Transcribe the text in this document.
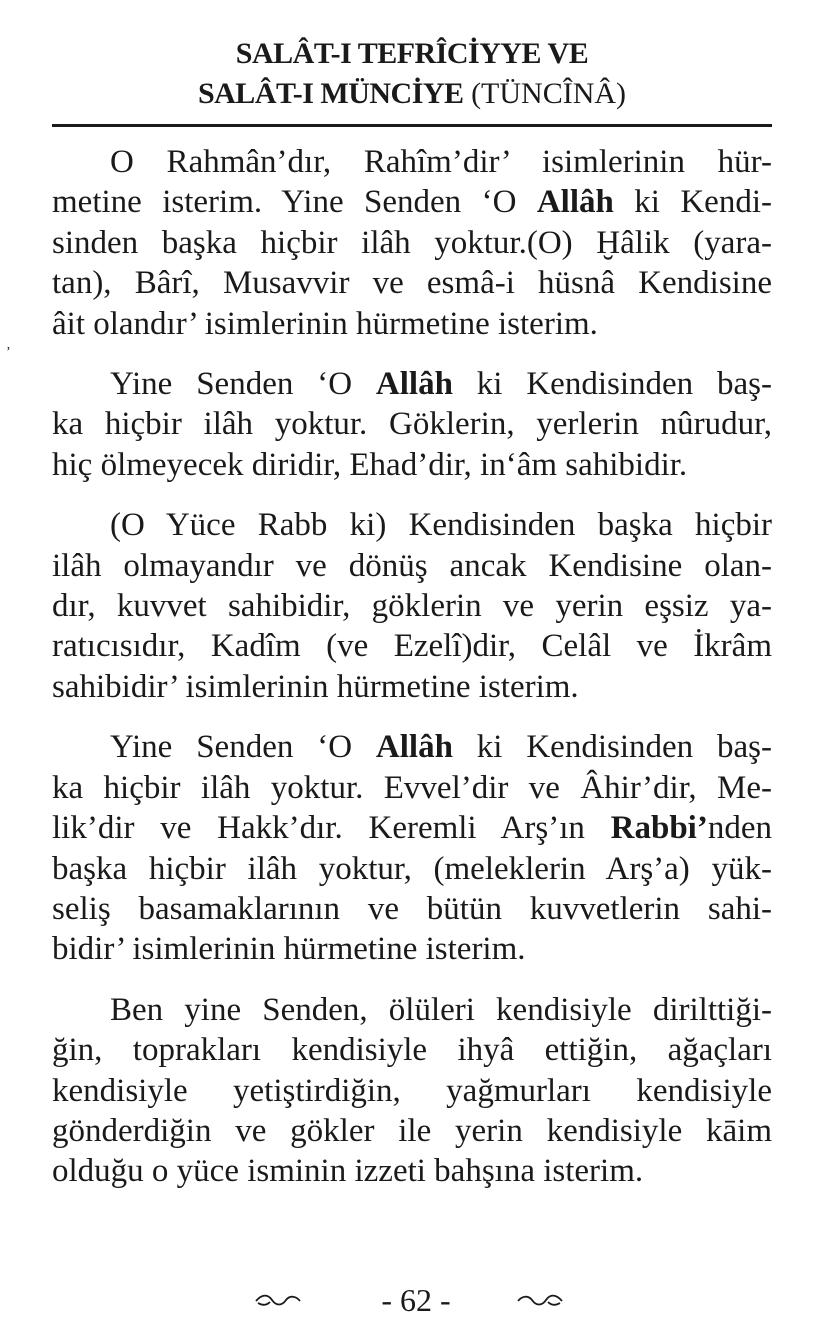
SALÂT-I TEFRÎCİYYE VE
SALÂT-I MÜNCİYE (TÜNCÎNÂ)
’
O Rahmân’dır, Rahîm’dir’ isimlerinin hür-
metine isterim. Yine Senden ‘O Allâh ki Kendi-
sinden başka hiçbir ilâh yoktur.(O) Ḫâlik (yara-
tan), Bârî, Musavvir ve esmâ-i hüsnâ Kendisine
âit olandır’ isimlerinin hürmetine isterim.
Yine Senden ‘O Allâh ki Kendisinden baş-
ka hiçbir ilâh yoktur. Göklerin, yerlerin nûrudur,
hiç ölmeyecek diridir, Ehad’dir, in‘âm sahibidir.
(O Yüce Rabb ki) Kendisinden başka hiçbir
ilâh olmayandır ve dönüş ancak Kendisine olan-
dır, kuvvet sahibidir, göklerin ve yerin eşsiz ya-
ratıcısıdır, Kadîm (ve Ezelî)dir, Celâl ve İkrâm
sahibidir’ isimlerinin hürmetine isterim.
Yine Senden ‘O Allâh ki Kendisinden baş-
ka hiçbir ilâh yoktur. Evvel’dir ve Âhir’dir, Me-
lik’dir ve Hakk’dır. Keremli Arş’ın Rabbi’nden
başka hiçbir ilâh yoktur, (meleklerin Arş’a) yük-
seliş basamaklarının ve bütün kuvvetlerin sahi-
bidir’ isimlerinin hürmetine isterim.
Ben yine Senden, ölüleri kendisiyle dirilttiği-
ğin, toprakları kendisiyle ihyâ ettiğin, ağaçları
kendisiyle yetiştirdiğin, yağmurları kendisiyle
gönderdiğin ve gökler ile yerin kendisiyle kāim
olduğu o yüce isminin izzeti bahşına isterim.
- 62 -
